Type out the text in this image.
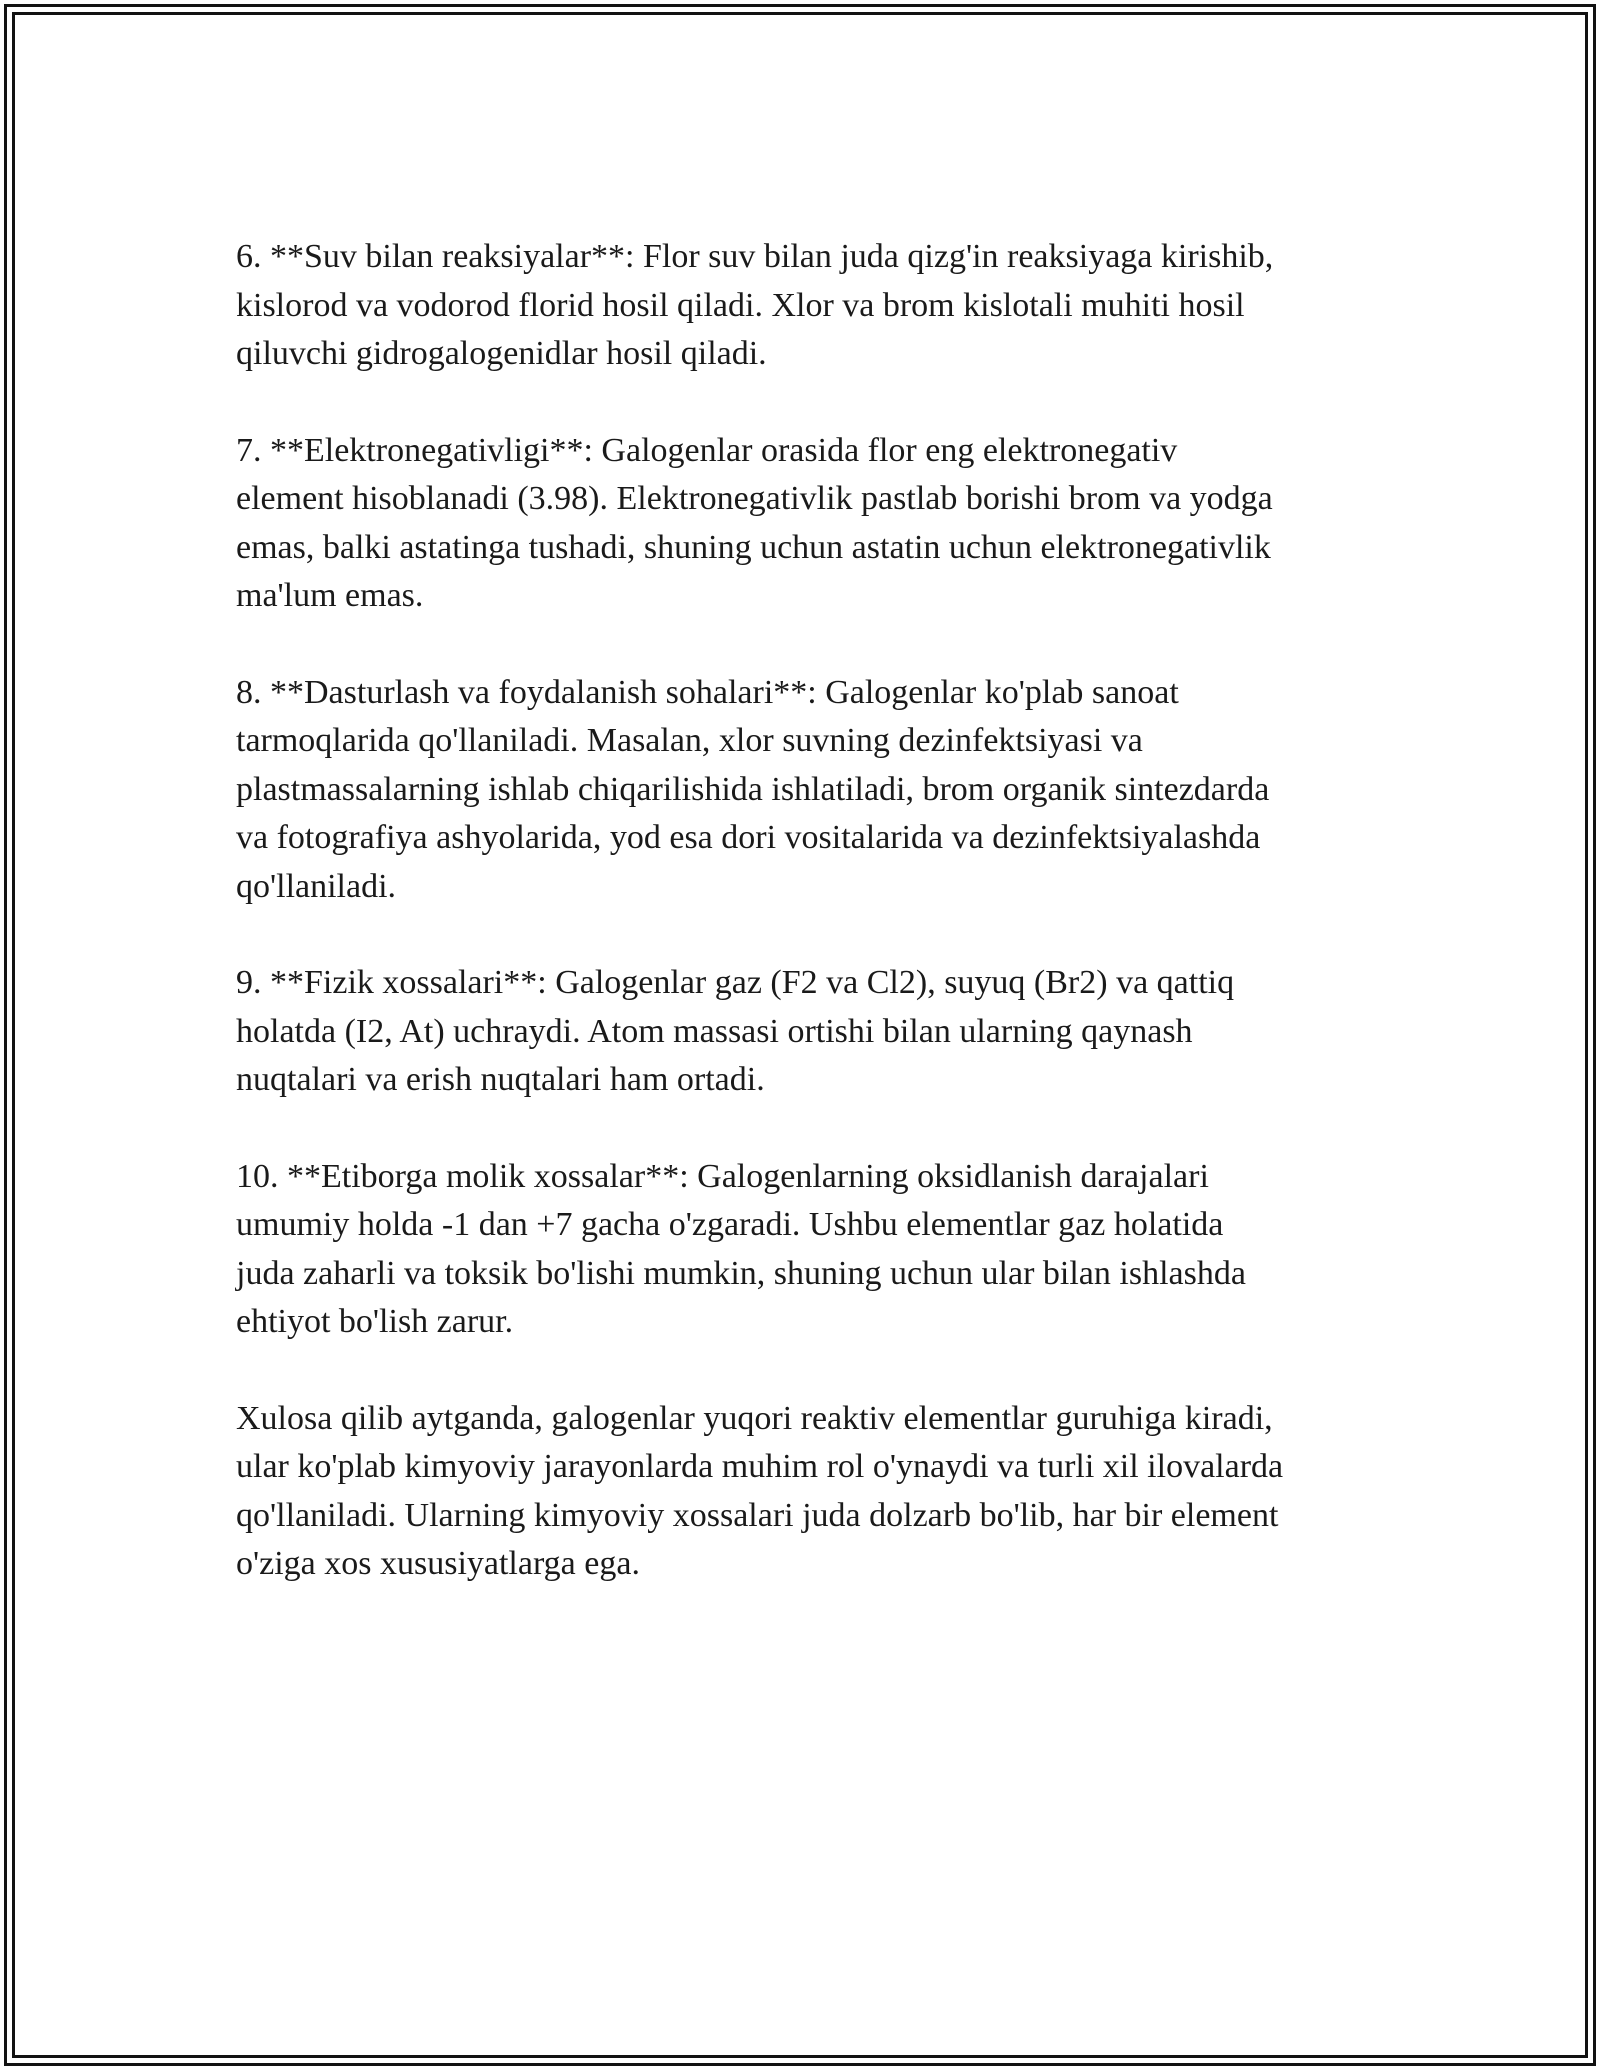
6. **Suv bilan reaksiyalar**: Flor suv bilan juda qizg'in reaksiyaga kirishib,
kislorod va vodorod florid hosil qiladi. Xlor va brom kislotali muhiti hosil
qiluvchi gidrogalogenidlar hosil qiladi.

7. **Elektronegativligi**: Galogenlar orasida flor eng elektronegativ
element hisoblanadi (3.98). Elektronegativlik pastlab borishi brom va yodga
emas, balki astatinga tushadi, shuning uchun astatin uchun elektronegativlik
ma'lum emas.

8. **Dasturlash va foydalanish sohalari**: Galogenlar ko'plab sanoat
tarmoqlarida qo'llaniladi. Masalan, xlor suvning dezinfektsiyasi va
plastmassalarning ishlab chiqarilishida ishlatiladi, brom organik sintezdarda
va fotografiya ashyolarida, yod esa dori vositalarida va dezinfektsiyalashda
qo'llaniladi.

9. **Fizik xossalari**: Galogenlar gaz (F2 va Cl2), suyuq (Br2) va qattiq
holatda (I2, At) uchraydi. Atom massasi ortishi bilan ularning qaynash
nuqtalari va erish nuqtalari ham ortadi.

10. **Etiborga molik xossalar**: Galogenlarning oksidlanish darajalari
umumiy holda -1 dan +7 gacha o'zgaradi. Ushbu elementlar gaz holatida
juda zaharli va toksik bo'lishi mumkin, shuning uchun ular bilan ishlashda
ehtiyot bo'lish zarur.

Xulosa qilib aytganda, galogenlar yuqori reaktiv elementlar guruhiga kiradi,
ular ko'plab kimyoviy jarayonlarda muhim rol o'ynaydi va turli xil ilovalarda
qo'llaniladi. Ularning kimyoviy xossalari juda dolzarb bo'lib, har bir element
o'ziga xos xususiyatlarga ega.
